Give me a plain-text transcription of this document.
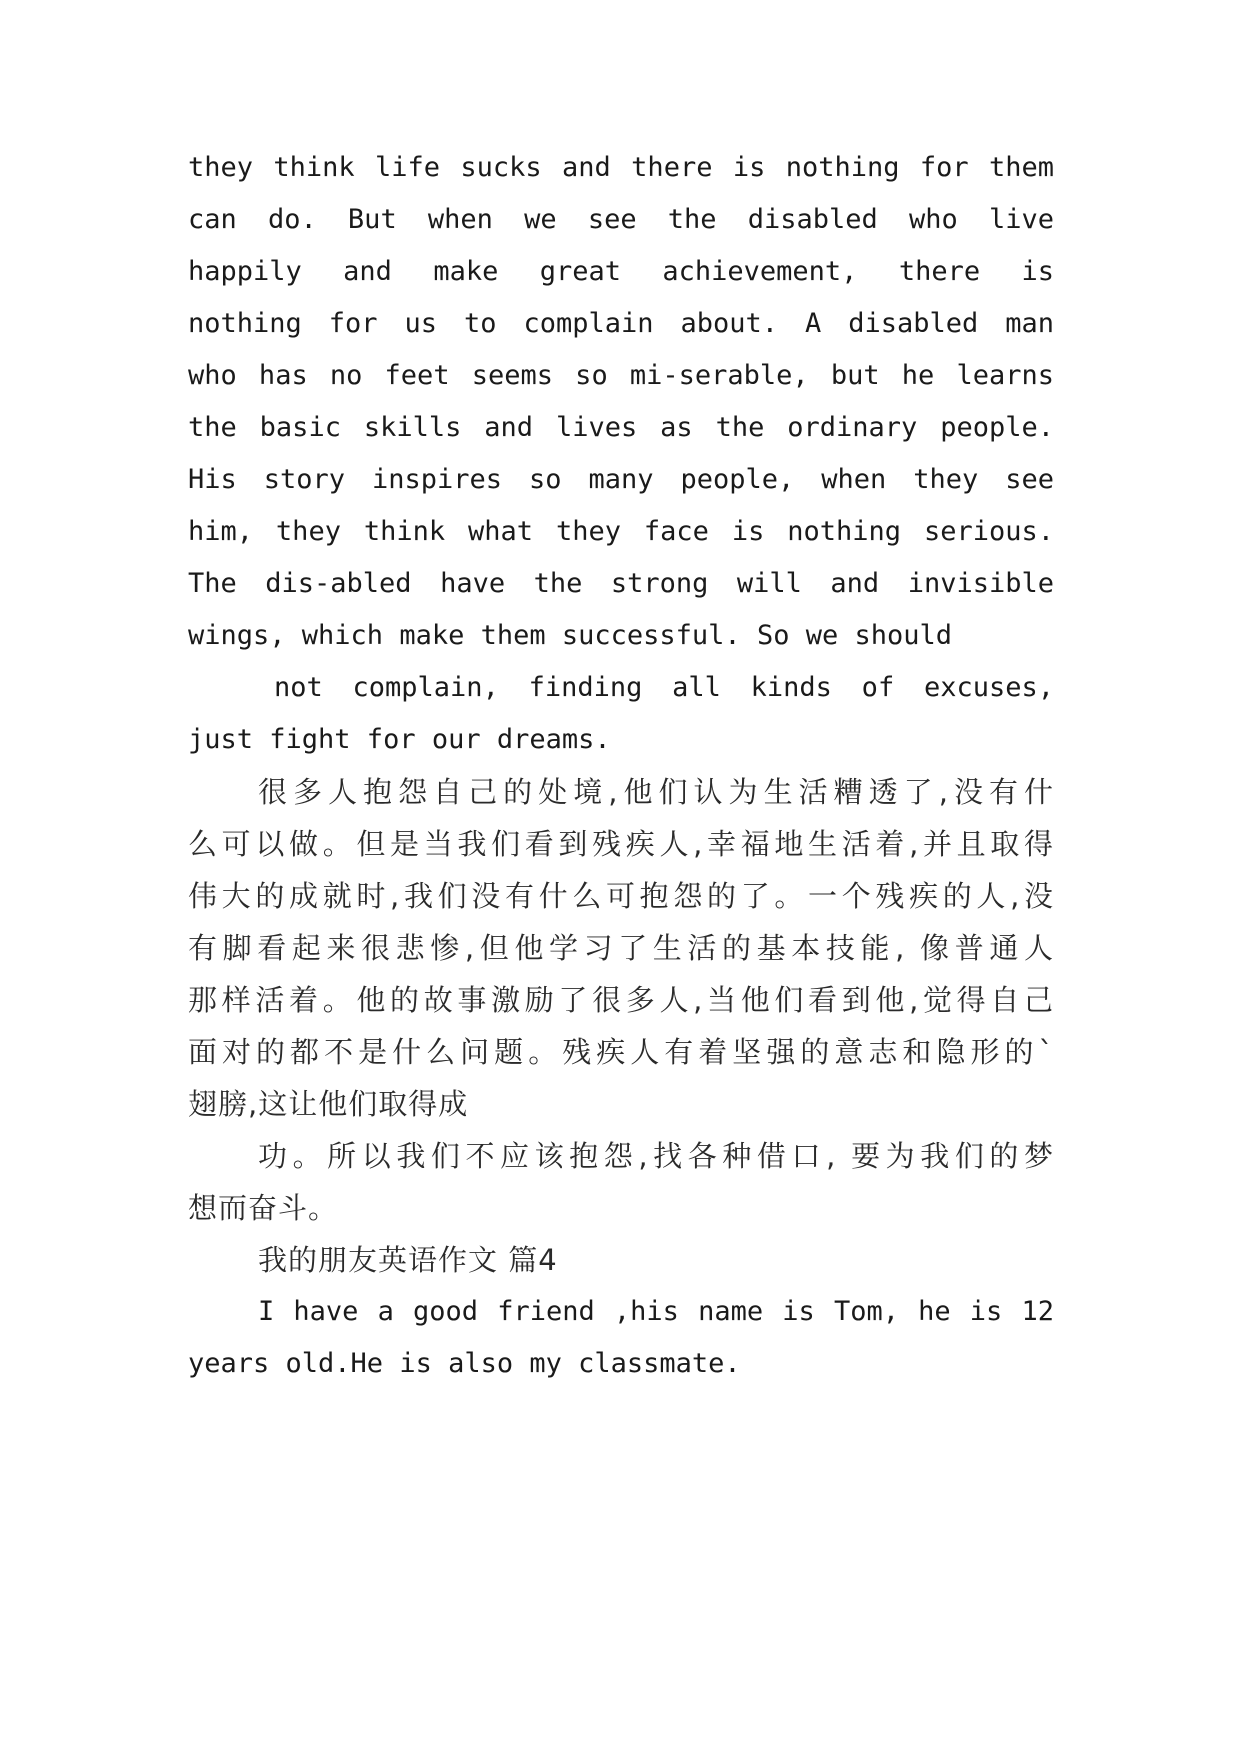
they think life sucks and there is nothing for them
can do. But when we see the disabled who live
happily and make great achievement, there is
nothing for us to complain about. A disabled man
who has no feet seems so mi-serable, but he learns
the basic skills and lives as the ordinary people.
His story inspires so many people, when they see
him, they think what they face is nothing serious.
The dis-abled have the strong will and invisible
wings, which make them successful. So we should
not complain, finding all kinds of excuses,
just fight for our dreams.
很多人抱怨自己的处境,他们认为生活糟透了,没有什
么可以做。但是当我们看到残疾人,幸福地生活着,并且取得
伟大的成就时,我们没有什么可抱怨的了。一个残疾的人,没
有脚看起来很悲惨,但他学习了生活的基本技能, 像普通人
那样活着。他的故事激励了很多人,当他们看到他,觉得自己
面对的都不是什么问题。残疾人有着坚强的意志和隐形的`
翅膀,这让他们取得成
功。所以我们不应该抱怨,找各种借口, 要为我们的梦
想而奋斗。
我的朋友英语作文 篇4
I have a good friend ,his name is Tom, he is 12
years old.He is also my classmate.
